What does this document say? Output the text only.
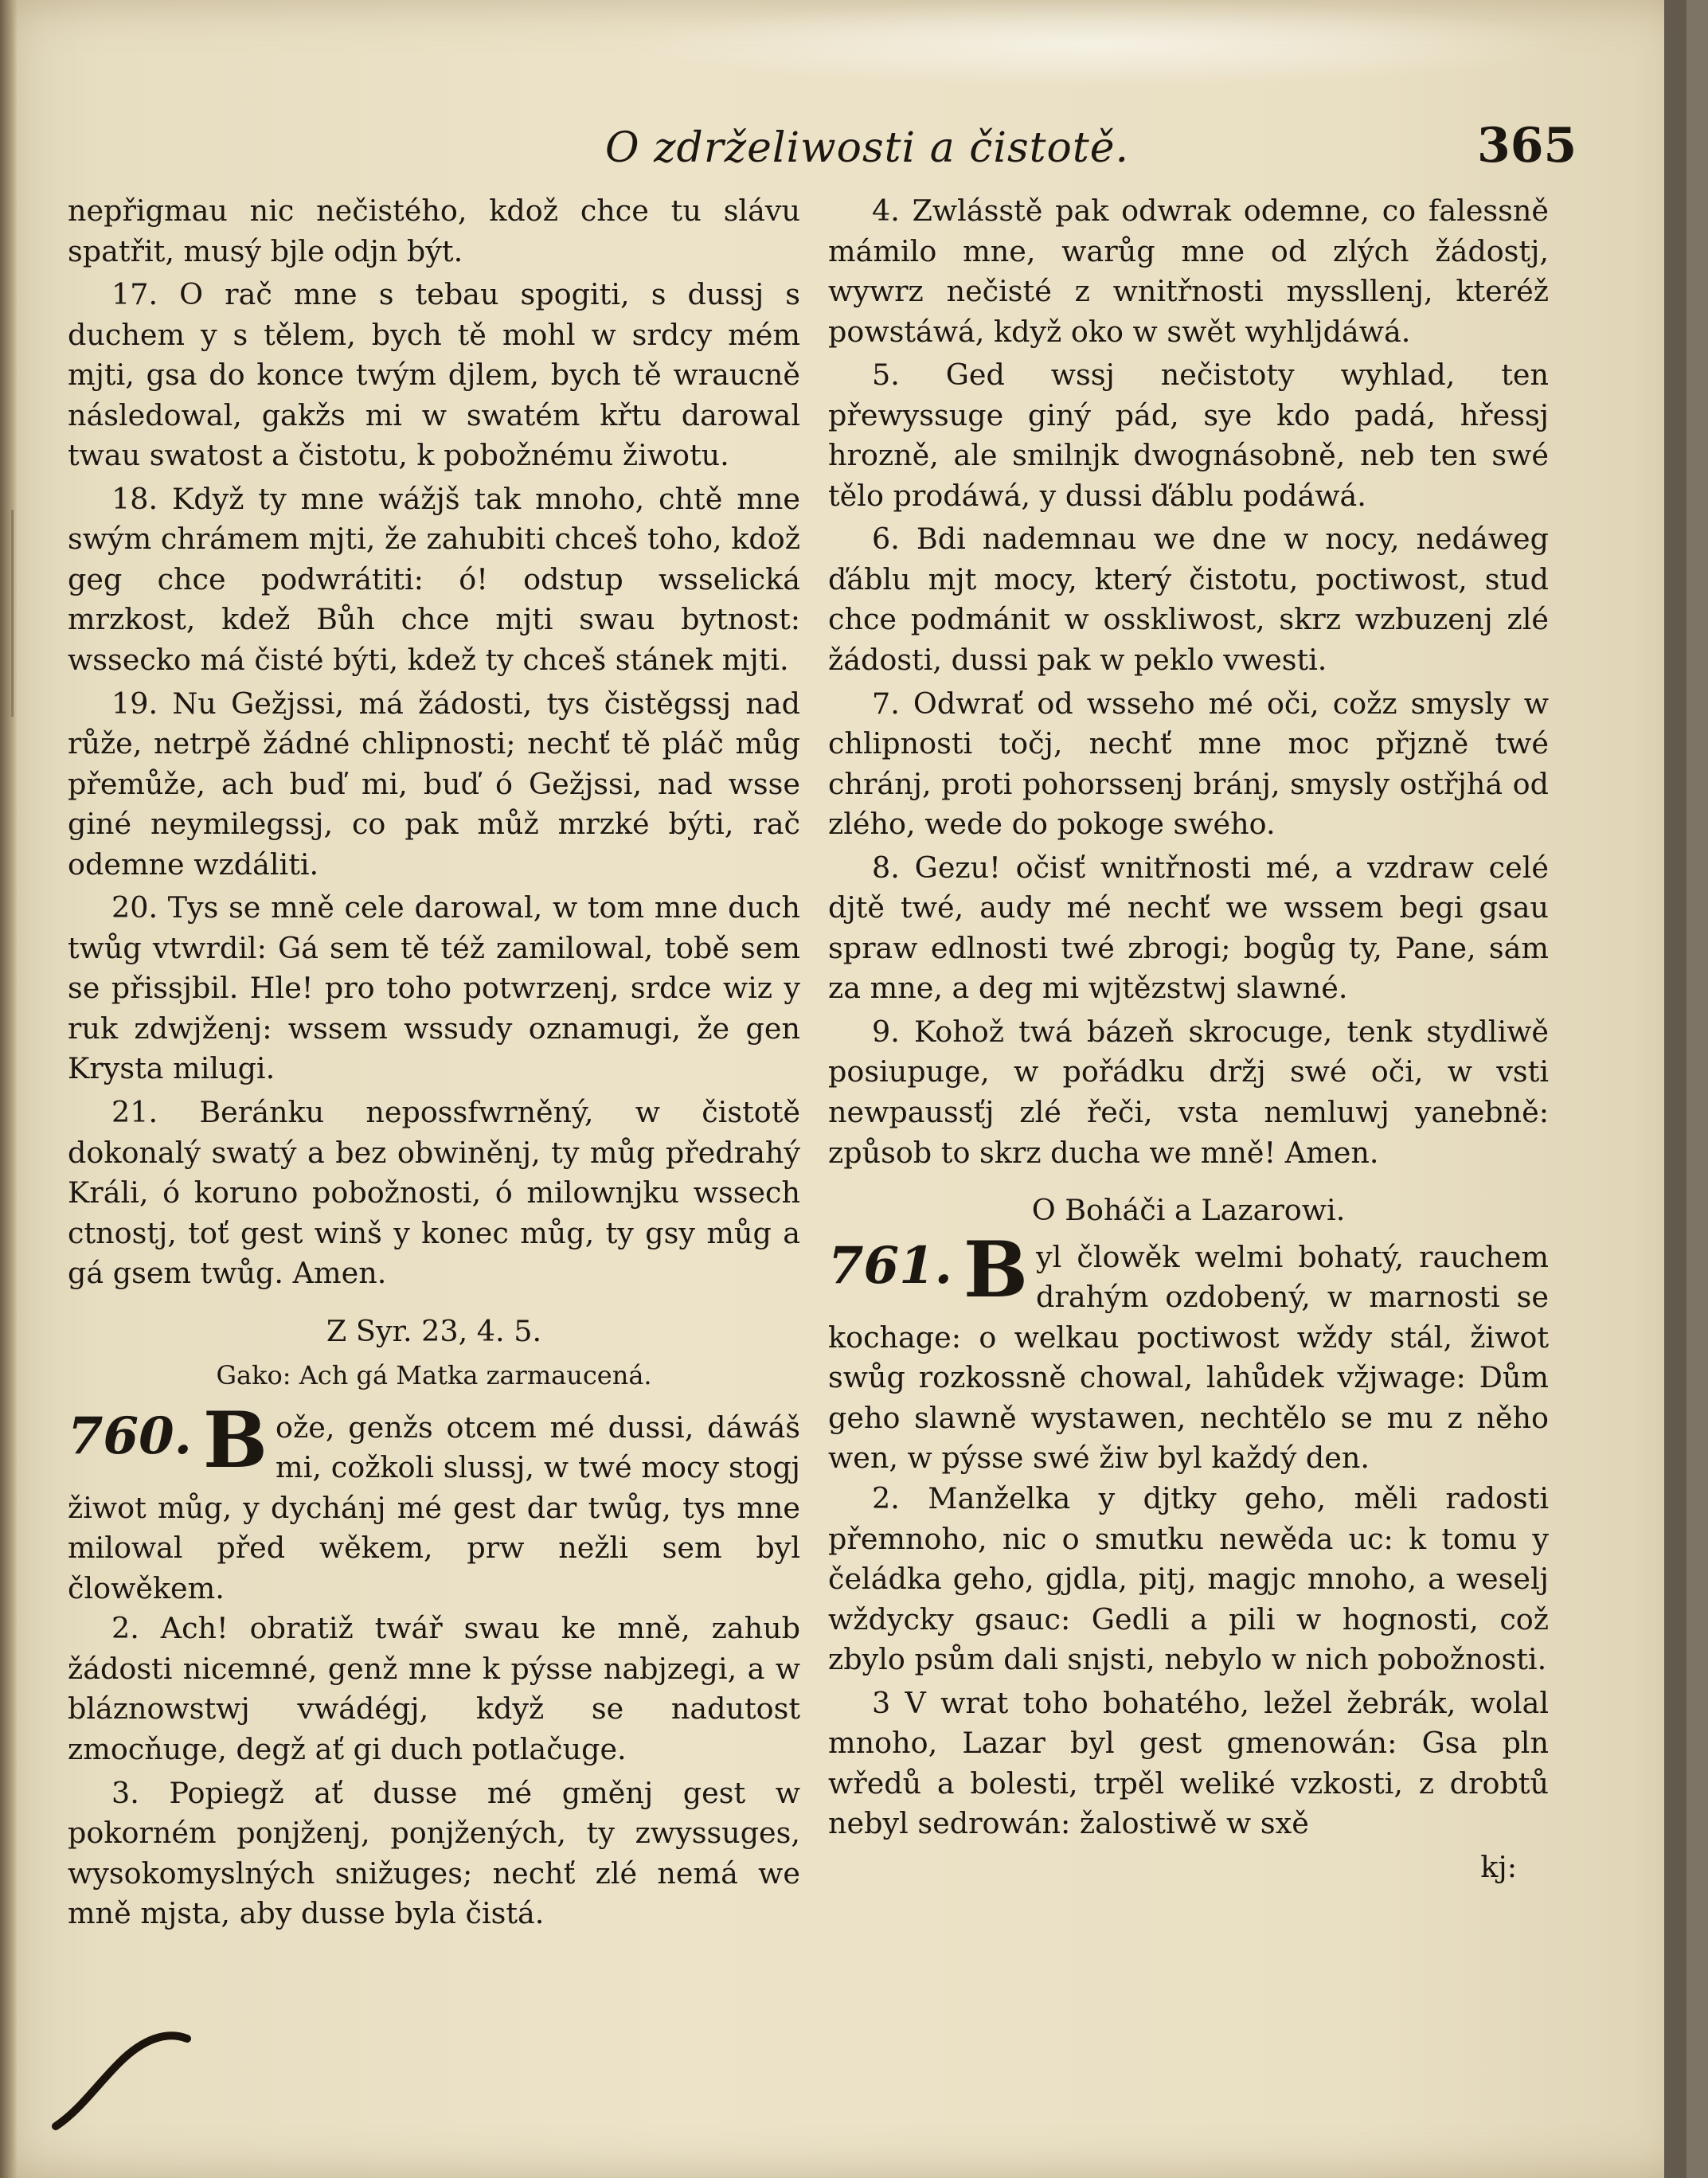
O zdrželiwosti a čistotě.	365

nepřigmau nic nečistého, kdož chce tu slávu spatřit, musý bjle odjn být.

17. O rač mne s tebau spogiti, s dussj s duchem y s tělem, bych tě mohl w srdcy mém mjti, gsa do konce twým djlem, bych tě wraucně následowal, gakžs mi w swatém křtu darowal twau swatost a čistotu, k pobožnému žiwotu.

18. Když ty mne wážjš tak mnoho, chtě mne swým chrámem mjti, že zahubiti chceš toho, kdož geg chce podwrátiti: ó! odstup wsselická mrzkost, kdež Bůh chce mjti swau bytnost: wssecko má čisté býti, kdež ty chceš stánek mjti.

19. Nu Gežjssi, má žádosti, tys čistěgssj nad růže, netrpě žádné chlipnosti; nechť tě pláč můg přemůže, ach buď mi, buď ó Gežjssi, nad wsse giné neymilegssj, co pak můž mrzké býti, rač odemne wzdáliti.

20. Tys se mně cele darowal, w tom mne duch twůg vtwrdil: Gá sem tě též zamilowal, tobě sem se přissjbil. Hle! pro toho potwrzenj, srdce wiz y ruk zdwjženj: wssem wssudy oznamugi, že gen Krysta milugi.

21. Beránku nepossfwrněný, w čistotě dokonalý swatý a bez obwiněnj, ty můg předrahý Králi, ó koruno pobožnosti, ó milownjku wssech ctnostj, toť gest winš y konec můg, ty gsy můg a gá gsem twůg. Amen.

Z Syr. 23, 4. 5.
Gako: Ach gá Matka zarmaucená.
760. B ože, genžs otcem mé dussi, dáwáš mi, cožkoli slussj, w twé mocy stogj žiwot můg, y dychánj mé gest dar twůg, tys mne milowal před wěkem, prw nežli sem byl člowěkem.

2. Ach! obratiž twář swau ke mně, zahub žádosti nicemné, genž mne k pýsse nabjzegi, a w bláznowstwj vwádégj, když se nadutost zmocňuge, degž ať gi duch potlačuge.

3. Popiegž ať dusse mé gměnj gest w pokorném ponjženj, ponjžených, ty zwyssuges, wysokomyslných snižuges; nechť zlé nemá we mně mjsta, aby dusse byla čistá.

4. Zwlásstě pak odwrak odemne, co falessně mámilo mne, warůg mne od zlých žádostj, wywrz nečisté z wnitřnosti myssllenj, kteréž powstáwá, když oko w swět wyhljdáwá.

5. Ged wssj nečistoty wyhlad, ten přewyssuge giný pád, sye kdo padá, hřessj hrozně, ale smilnjk dwognásobně, neb ten swé tělo prodáwá, y dussi ďáblu podáwá.

6. Bdi nademnau we dne w nocy, nedáweg ďáblu mjt mocy, který čistotu, poctiwost, stud chce podmánit w osskliwost, skrz wzbuzenj zlé žádosti, dussi pak w peklo vwesti.

7. Odwrať od wsseho mé oči, cožz smysly w chlipnosti točj, nechť mne moc přjzně twé chránj, proti pohorssenj bránj, smysly ostřjhá od zlého, wede do pokoge swého.

8. Gezu! očisť wnitřnosti mé, a vzdraw celé djtě twé, audy mé nechť we wssem begi gsau spraw edlnosti twé zbrogi; bogůg ty, Pane, sám za mne, a deg mi wjtězstwj slawné.

9. Kohož twá bázeň skrocuge, tenk stydliwě posiupuge, w pořádku držj swé oči, w vsti newpaussťj zlé řeči, vsta nemluwj yanebně: způsob to skrz ducha we mně! Amen.

O Boháči a Lazarowi.
761. B yl člowěk welmi bohatý, rauchem drahým ozdobený, w marnosti se kochage: o welkau poctiwost wždy stál, žiwot swůg rozkossně chowal, lahůdek vžjwage: Dům geho slawně wystawen, nechtělo se mu z něho wen, w pýsse swé žiw byl každý den.

2. Manželka y djtky geho, měli radosti přemnoho, nic o smutku newěda uc: k tomu y čeládka geho, gjdla, pitj, magjc mnoho, a weselj wždycky gsauc: Gedli a pili w hognosti, což zbylo psům dali snjsti, nebylo w nich pobožnosti.

3 V wrat toho bohatého, ležel žebrák, wolal mnoho, Lazar byl gest gmenowán: Gsa pln wředů a bolesti, trpěl weliké vzkosti, z drobtů nebyl sedrowán: žalostiwě w sxě

kj:
